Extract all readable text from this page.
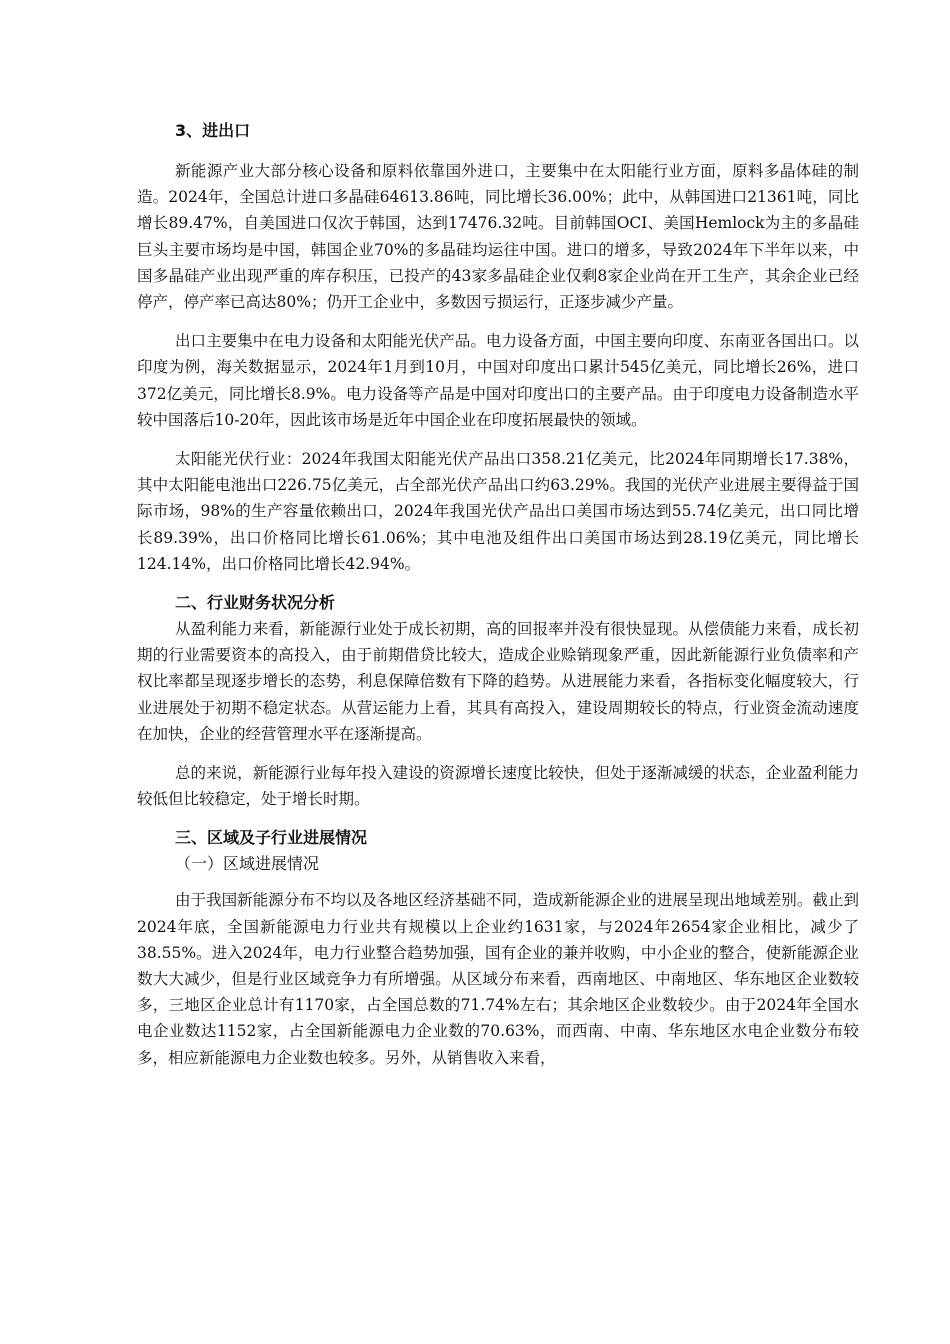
3、进出口

新能源产业大部分核心设备和原料依靠国外进口，主要集中在太阳能行业方面，原料多晶体硅的制造。2024年，全国总计进口多晶硅64613.86吨，同比增长36.00%；此中，从韩国进口21361吨，同比增长89.47%，自美国进口仅次于韩国，达到17476.32吨。目前韩国OCI、美国Hemlock为主的多晶硅巨头主要市场均是中国，韩国企业70%的多晶硅均运往中国。进口的增多，导致2024年下半年以来，中国多晶硅产业出现严重的库存积压，已投产的43家多晶硅企业仅剩8家企业尚在开工生产，其余企业已经停产，停产率已高达80%；仍开工企业中，多数因亏损运行，正逐步减少产量。

出口主要集中在电力设备和太阳能光伏产品。电力设备方面，中国主要向印度、东南亚各国出口。以印度为例，海关数据显示，2024年1月到10月，中国对印度出口累计545亿美元，同比增长26%，进口372亿美元，同比增长8.9%。电力设备等产品是中国对印度出口的主要产品。由于印度电力设备制造水平较中国落后10-20年，因此该市场是近年中国企业在印度拓展最快的领域。

太阳能光伏行业：2024年我国太阳能光伏产品出口358.21亿美元，比2024年同期增长17.38%，其中太阳能电池出口226.75亿美元，占全部光伏产品出口约63.29%。我国的光伏产业进展主要得益于国际市场，98%的生产容量依赖出口，2024年我国光伏产品出口美国市场达到55.74亿美元，出口同比增长89.39%，出口价格同比增长61.06%；其中电池及组件出口美国市场达到28.19亿美元，同比增长124.14%，出口价格同比增长42.94%。

二、行业财务状况分析

从盈利能力来看，新能源行业处于成长初期，高的回报率并没有很快显现。从偿债能力来看，成长初期的行业需要资本的高投入，由于前期借贷比较大，造成企业赊销现象严重，因此新能源行业负债率和产权比率都呈现逐步增长的态势，利息保障倍数有下降的趋势。从进展能力来看，各指标变化幅度较大，行业进展处于初期不稳定状态。从营运能力上看，其具有高投入，建设周期较长的特点，行业资金流动速度在加快，企业的经营管理水平在逐渐提高。

总的来说，新能源行业每年投入建设的资源增长速度比较快，但处于逐渐减缓的状态，企业盈利能力较低但比较稳定，处于增长时期。

三、区域及子行业进展情况
（一）区域进展情况

由于我国新能源分布不均以及各地区经济基础不同，造成新能源企业的进展呈现出地域差别。截止到2024年底，全国新能源电力行业共有规模以上企业约1631家，与2024年2654家企业相比，减少了38.55%。进入2024年，电力行业整合趋势加强，国有企业的兼并收购，中小企业的整合，使新能源企业数大大减少，但是行业区域竞争力有所增强。从区域分布来看，西南地区、中南地区、华东地区企业数较多，三地区企业总计有1170家，占全国总数的71.74%左右；其余地区企业数较少。由于2024年全国水电企业数达1152家，占全国新能源电力企业数的70.63%，而西南、中南、华东地区水电企业数分布较多，相应新能源电力企业数也较多。另外，从销售收入来看，
